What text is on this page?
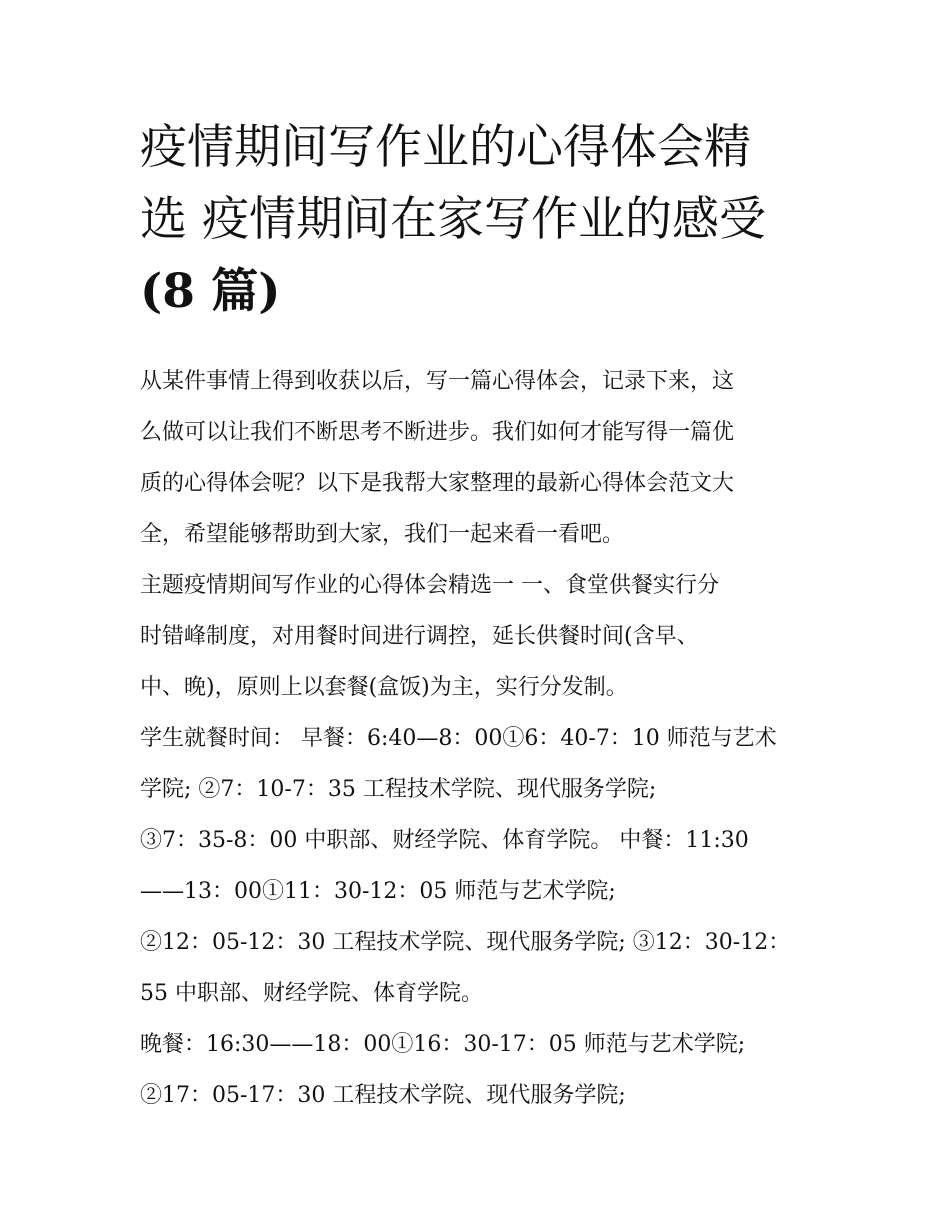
疫情期间写作业的心得体会精
选 疫情期间在家写作业的感受
(8 篇)
从某件事情上得到收获以后，写一篇心得体会，记录下来，这
么做可以让我们不断思考不断进步。我们如何才能写得一篇优
质的心得体会呢？以下是我帮大家整理的最新心得体会范文大
全，希望能够帮助到大家，我们一起来看一看吧。
主题疫情期间写作业的心得体会精选一 一、食堂供餐实行分
时错峰制度，对用餐时间进行调控，延长供餐时间(含早、
中、晚)，原则上以套餐(盒饭)为主，实行分发制。
学生就餐时间： 早餐：6:40—8：00①6：40-7：10 师范与艺术
学院; ②7：10-7：35 工程技术学院、现代服务学院;
③7：35-8：00 中职部、财经学院、体育学院。 中餐：11:30
——13：00①11：30-12：05 师范与艺术学院;
②12：05-12：30 工程技术学院、现代服务学院; ③12：30-12：
55 中职部、财经学院、体育学院。
晚餐：16:30——18：00①16：30-17：05 师范与艺术学院;
②17：05-17：30 工程技术学院、现代服务学院;
